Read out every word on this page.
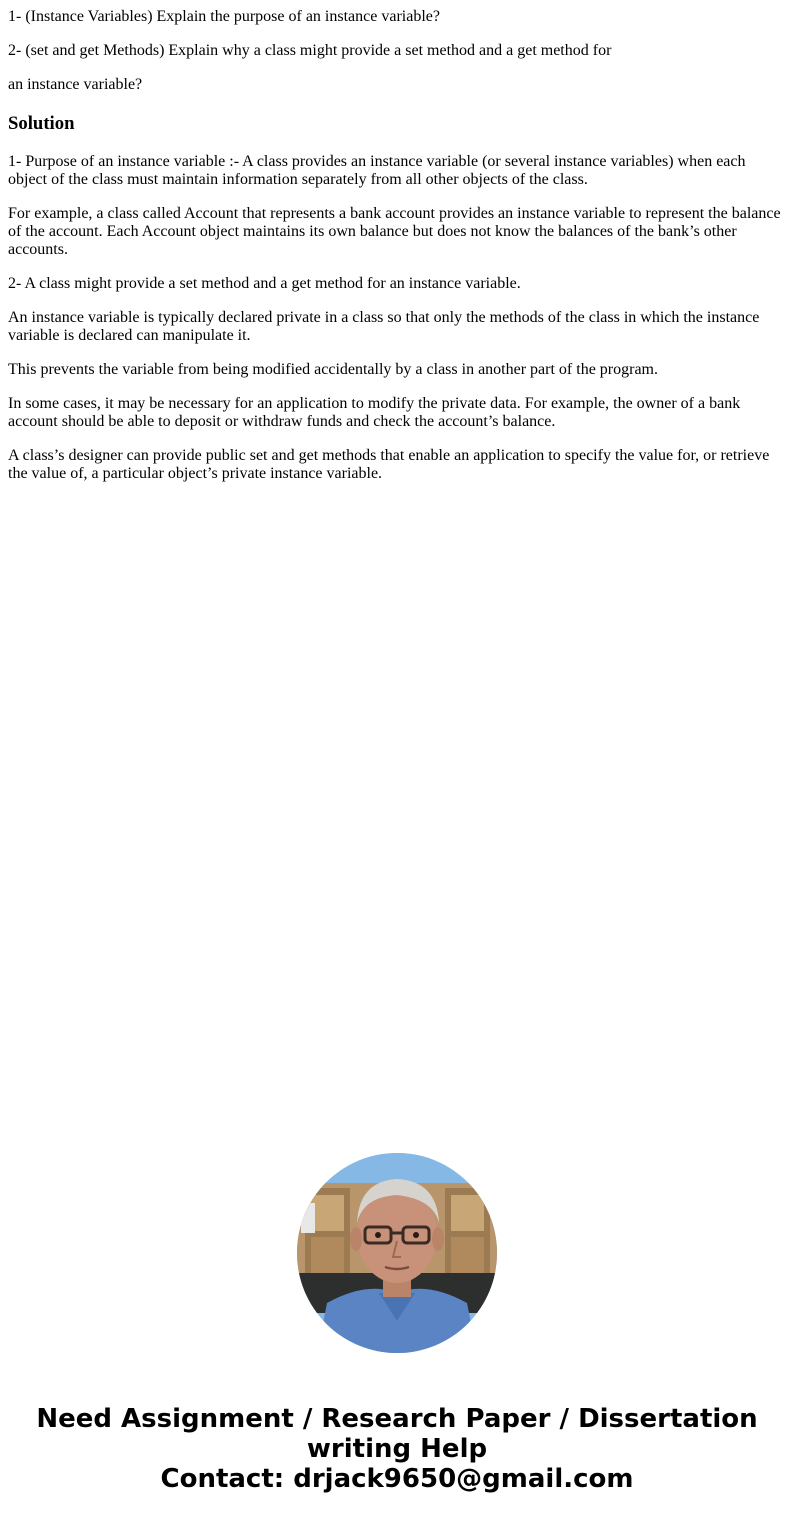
1- (Instance Variables) Explain the purpose of an instance variable?

2- (set and get Methods) Explain why a class might provide a set method and a get method for

an instance variable?

Solution

1- Purpose of an instance variable :- A class provides an instance variable (or several instance variables) when each object of the class must maintain information separately from all other objects of the class.

For example, a class called Account that represents a bank account provides an instance variable to represent the balance of the account. Each Account object maintains its own balance but does not know the balances of the bank’s other accounts.

2- A class might provide a set method and a get method for an instance variable.

An instance variable is typically declared private in a class so that only the methods of the class in which the instance variable is declared can manipulate it.

This prevents the variable from being modified accidentally by a class in another part of the program.

In some cases, it may be necessary for an application to modify the private data. For example, the owner of a bank account should be able to deposit or withdraw funds and check the account’s balance.

A class’s designer can provide public set and get methods that enable an application to specify the value for, or retrieve the value of, a particular object’s private instance variable.

Need Assignment / Research Paper / Dissertation
writing Help
Contact: drjack9650@gmail.com
